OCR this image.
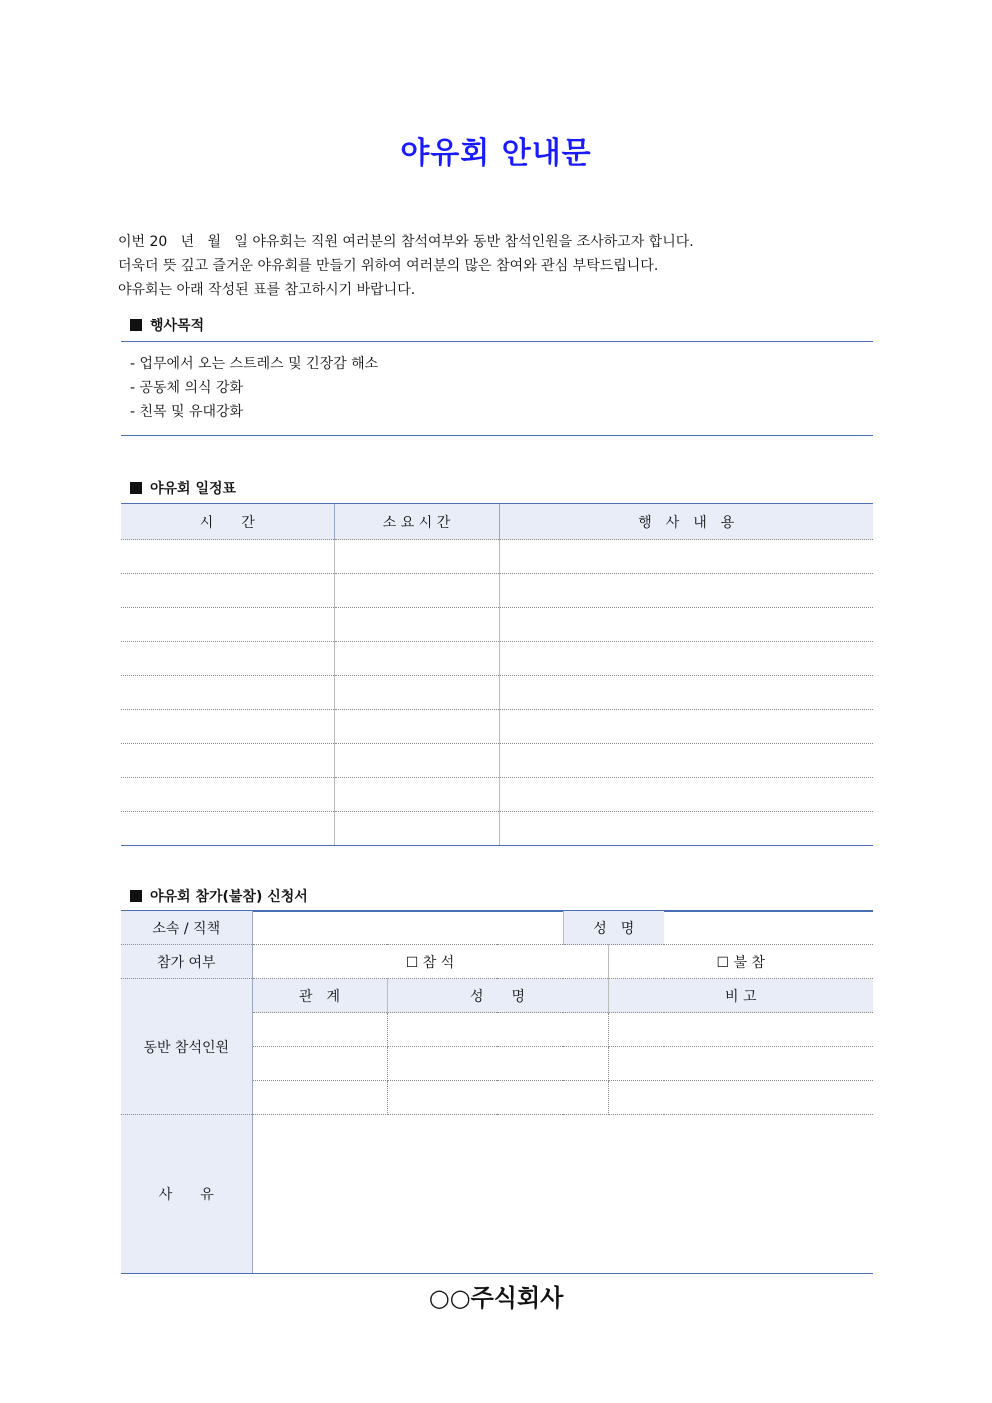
야유회 안내문
이번 20   년   월   일 야유회는 직원 여러분의 참석여부와 동반 참석인원을 조사하고자 합니다.
더욱더 뜻 깊고 즐거운 야유회를 만들기 위하여 여러분의 많은 참여와 관심 부탁드립니다.
야유회는 아래 작성된 표를 참고하시기 바랍니다.
행사목적
- 업무에서 오는 스트레스 및 긴장감 해소
- 공동체 의식 강화
- 친목 및 유대강화
야유회 일정표
시　　간	소 요 시 간	행　사　내　용

야유회 참가(불참) 신청서
소속 / 직책			성　명		
참가 여부	☐ 참 석			☐ 불 참	
동반 참석인원	관　계	성　　명		비 고	

사　　유					
○○주식회사
